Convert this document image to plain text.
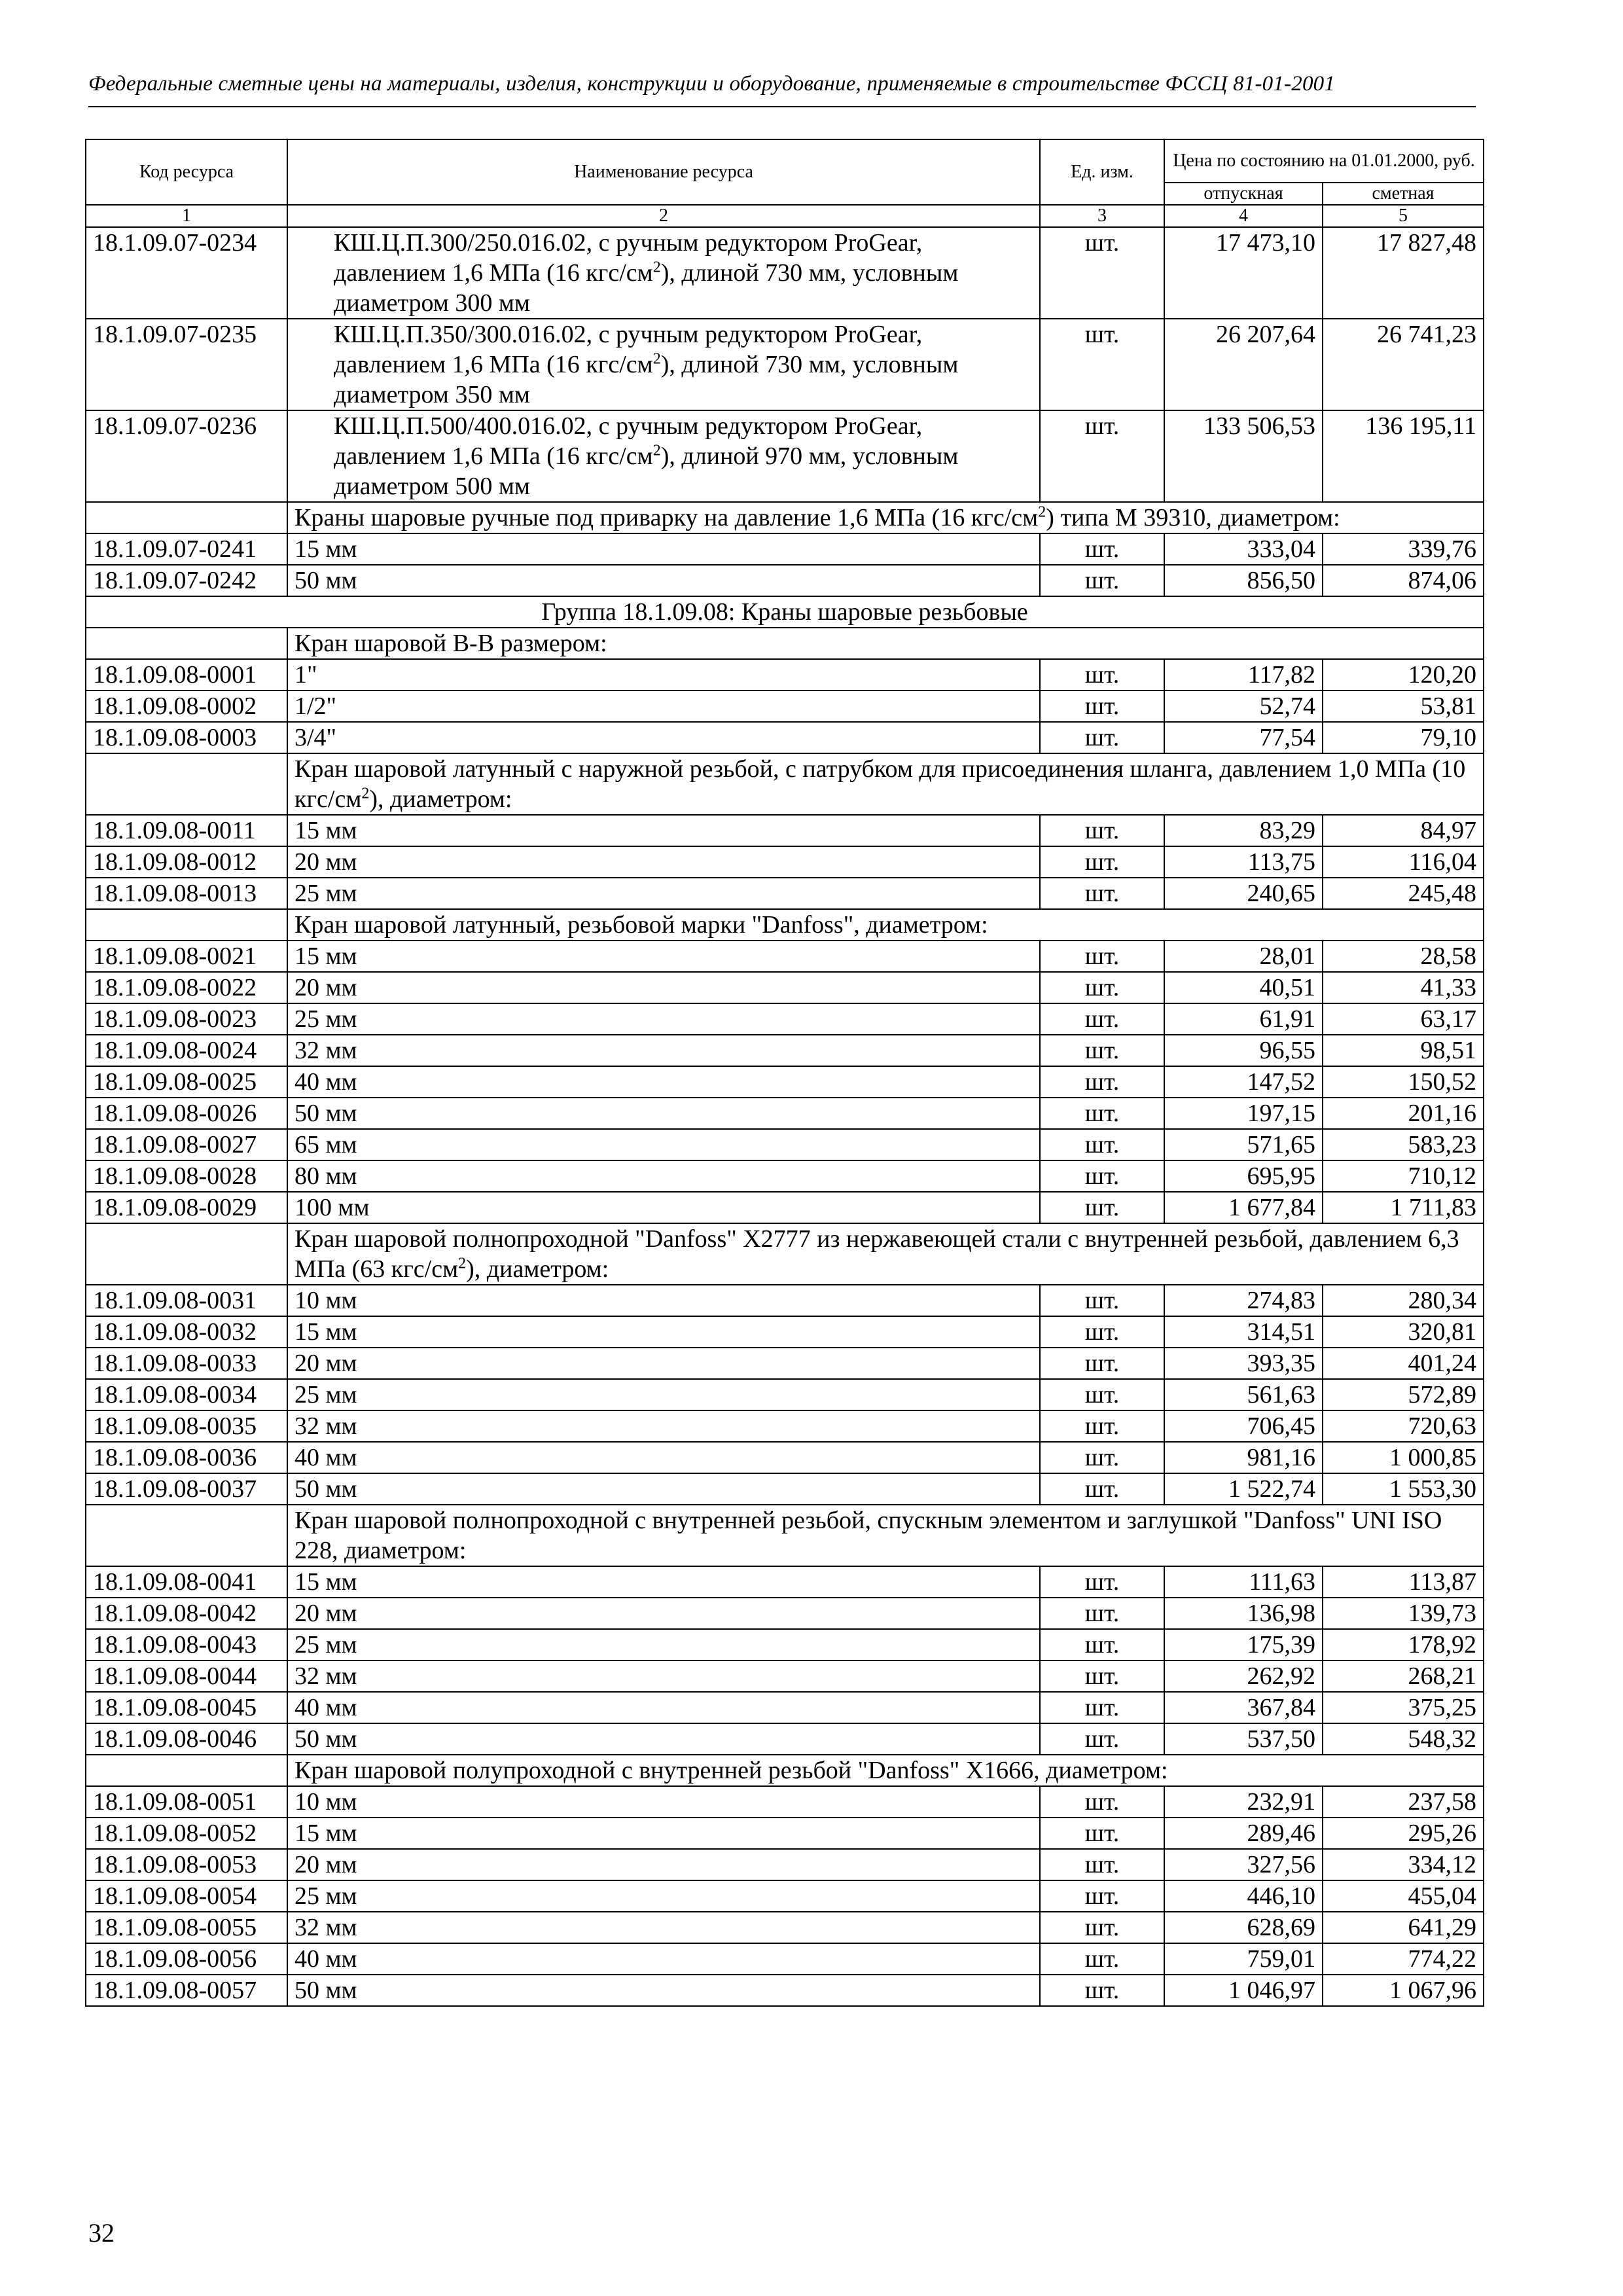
Федеральные сметные цены на материалы, изделия, конструкции и оборудование, применяемые в строительстве ФССЦ 81-01-2001
Код ресурса	Наименование ресурса	Ед. изм.	Цена по состоянию на 01.01.2000, руб.	
			отпускная	сметная
1	2	3	4	5
18.1.09.07-0234	КШ.Ц.П.300/250.016.02, с ручным редуктором ProGear, давлением 1,6 МПа (16 кгс/$см^2$), длиной 730 мм, условным диаметром 300 мм	шт.	17 473,10	17 827,48
18.1.09.07-0235	КШ.Ц.П.350/300.016.02, с ручным редуктором ProGear, давлением 1,6 МПа (16 кгс/$см^2$), длиной 730 мм, условным диаметром 350 мм	шт.	26 207,64	26 741,23
18.1.09.07-0236	КШ.Ц.П.500/400.016.02, с ручным редуктором ProGear, давлением 1,6 МПа (16 кгс/$см^2$), длиной 970 мм, условным диаметром 500 мм	шт.	133 506,53	136 195,11
	Краны шаровые ручные под приварку на давление 1,6 МПа (16 кгс/$см^2$) типа М 39310, диаметром:			
18.1.09.07-0241	15 мм	шт.	333,04	339,76
18.1.09.07-0242	50 мм	шт.	856,50	874,06
Группа 18.1.09.08: Краны шаровые резьбовые				
	Кран шаровой В-В размером:			
18.1.09.08-0001	1"	шт.	117,82	120,20
18.1.09.08-0002	1/2"	шт.	52,74	53,81
18.1.09.08-0003	3/4"	шт.	77,54	79,10
	Кран шаровой латунный с наружной резьбой, с патрубком для присоединения шланга, давлением 1,0 МПа (10 кгс/$см^2$), диаметром:			
18.1.09.08-0011	15 мм	шт.	83,29	84,97
18.1.09.08-0012	20 мм	шт.	113,75	116,04
18.1.09.08-0013	25 мм	шт.	240,65	245,48
	Кран шаровой латунный, резьбовой марки "Danfoss", диаметром:			
18.1.09.08-0021	15 мм	шт.	28,01	28,58
18.1.09.08-0022	20 мм	шт.	40,51	41,33
18.1.09.08-0023	25 мм	шт.	61,91	63,17
18.1.09.08-0024	32 мм	шт.	96,55	98,51
18.1.09.08-0025	40 мм	шт.	147,52	150,52
18.1.09.08-0026	50 мм	шт.	197,15	201,16
18.1.09.08-0027	65 мм	шт.	571,65	583,23
18.1.09.08-0028	80 мм	шт.	695,95	710,12
18.1.09.08-0029	100 мм	шт.	1 677,84	1 711,83
	Кран шаровой полнопроходной "Danfoss" X2777 из нержавеющей стали с внутренней резьбой, давлением 6,3 МПа (63 кгс/$см^2$), диаметром:			
18.1.09.08-0031	10 мм	шт.	274,83	280,34
18.1.09.08-0032	15 мм	шт.	314,51	320,81
18.1.09.08-0033	20 мм	шт.	393,35	401,24
18.1.09.08-0034	25 мм	шт.	561,63	572,89
18.1.09.08-0035	32 мм	шт.	706,45	720,63
18.1.09.08-0036	40 мм	шт.	981,16	1 000,85
18.1.09.08-0037	50 мм	шт.	1 522,74	1 553,30
	Кран шаровой полнопроходной с внутренней резьбой, спускным элементом и заглушкой "Danfoss" UNI ISO 228, диаметром:			
18.1.09.08-0041	15 мм	шт.	111,63	113,87
18.1.09.08-0042	20 мм	шт.	136,98	139,73
18.1.09.08-0043	25 мм	шт.	175,39	178,92
18.1.09.08-0044	32 мм	шт.	262,92	268,21
18.1.09.08-0045	40 мм	шт.	367,84	375,25
18.1.09.08-0046	50 мм	шт.	537,50	548,32
	Кран шаровой полупроходной с внутренней резьбой "Danfoss" X1666, диаметром:			
18.1.09.08-0051	10 мм	шт.	232,91	237,58
18.1.09.08-0052	15 мм	шт.	289,46	295,26
18.1.09.08-0053	20 мм	шт.	327,56	334,12
18.1.09.08-0054	25 мм	шт.	446,10	455,04
18.1.09.08-0055	32 мм	шт.	628,69	641,29
18.1.09.08-0056	40 мм	шт.	759,01	774,22
18.1.09.08-0057	50 мм	шт.	1 046,97	1 067,96
32
